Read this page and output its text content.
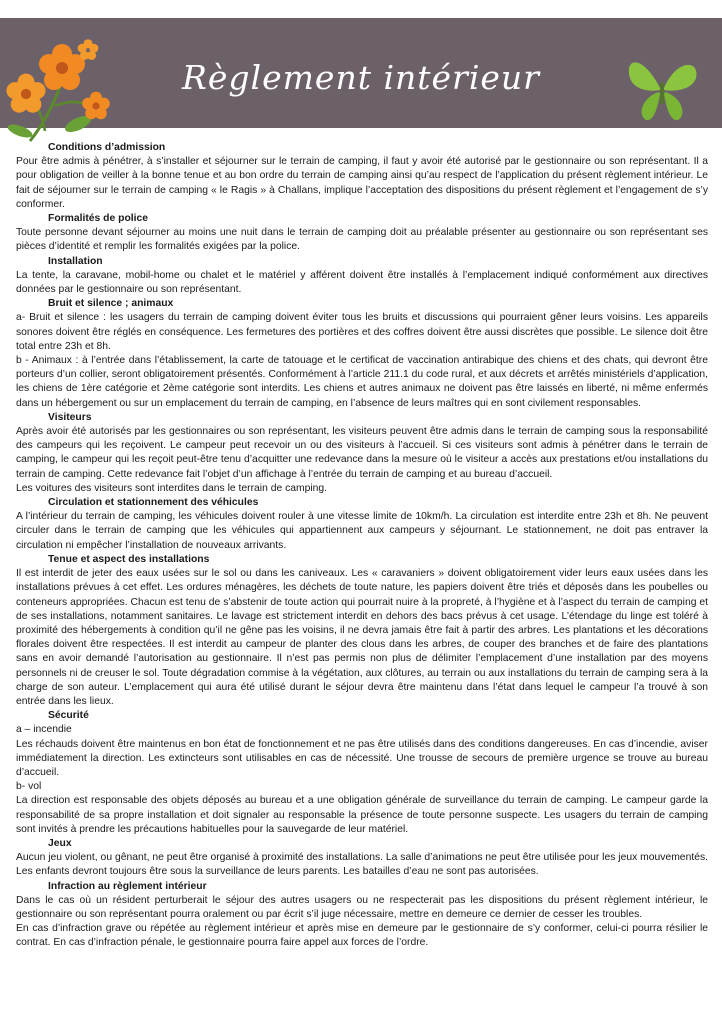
Règlement intérieur
Conditions d’admission
Pour être admis à pénétrer, à s’installer et séjourner sur le terrain de camping, il faut y avoir été autorisé par le gestionnaire ou son représentant. Il a pour obligation de veiller à la bonne tenue et au bon ordre du terrain de camping ainsi qu’au respect de l’application du présent règlement intérieur. Le fait de séjourner sur le terrain de camping « le Ragis » à Challans, implique l’acceptation des dispositions du présent règlement et l’engagement de s’y conformer.
Formalités de police
Toute personne devant séjourner au moins une nuit dans le terrain de camping doit au préalable présenter au gestionnaire ou son représentant ses pièces d’identité et remplir les formalités exigées par la police.
Installation
La tente, la caravane, mobil-home ou chalet et le matériel y afférent doivent être installés à l’emplacement indiqué conformément aux directives données par le gestionnaire ou son représentant.
Bruit et silence ; animaux
a- Bruit et silence : les usagers du terrain de camping doivent éviter tous les bruits et discussions qui pourraient gêner leurs voisins. Les appareils sonores doivent être réglés en conséquence. Les fermetures des portières et des coffres doivent être aussi discrètes que possible. Le silence doit être total entre 23h et 8h.
b - Animaux : à l’entrée dans l’établissement, la carte de tatouage et le certificat de vaccination antirabique des chiens et des chats, qui devront être porteurs d’un collier, seront obligatoirement présentés. Conformément à l’article 211.1 du code rural, et aux décrets et arrêtés ministériels d’application, les chiens de 1ère catégorie et 2ème catégorie sont interdits. Les chiens et autres animaux ne doivent pas être laissés en liberté, ni même enfermés dans un hébergement ou sur un emplacement du terrain de camping, en l’absence de leurs maîtres qui en sont civilement responsables.
Visiteurs
Après avoir été autorisés par les gestionnaires ou son représentant, les visiteurs peuvent être admis dans le terrain de camping sous la responsabilité des campeurs qui les reçoivent. Le campeur peut recevoir un ou des visiteurs à l’accueil. Si ces visiteurs sont admis à pénétrer dans le terrain de camping, le campeur qui les reçoit peut-être tenu d’acquitter une redevance dans la mesure où le visiteur a accès aux prestations et/ou installations du terrain de camping. Cette redevance fait l’objet d’un affichage à l’entrée du terrain de camping et au bureau d’accueil.
Les voitures des visiteurs sont interdites dans le terrain de camping.
Circulation et stationnement des véhicules
A l’intérieur du terrain de camping, les véhicules doivent rouler à une vitesse limite de 10km/h. La circulation est interdite entre 23h et 8h. Ne peuvent circuler dans le terrain de camping que les véhicules qui appartiennent aux campeurs y séjournant. Le stationnement, ne doit pas entraver la circulation ni empêcher l’installation de nouveaux arrivants.
Tenue et aspect des installations
Il est interdit de jeter des eaux usées sur le sol ou dans les caniveaux. Les « caravaniers » doivent obligatoirement vider leurs eaux usées dans les installations prévues à cet effet. Les ordures ménagères, les déchets de toute nature, les papiers doivent être triés et déposés dans les poubelles ou conteneurs appropriées. Chacun est tenu de s’abstenir de toute action qui pourrait nuire à la propreté, à l’hygiène et à l’aspect du terrain de camping et de ses installations, notamment sanitaires. Le lavage est strictement interdit en dehors des bacs prévus à cet usage. L’étendage du linge est toléré à proximité des hébergements à condition qu’il ne gêne pas les voisins, il ne devra jamais être fait à partir des arbres. Les plantations et les décorations florales doivent être respectées. Il est interdit au campeur de planter des clous dans les arbres, de couper des branches et de faire des plantations sans en avoir demandé l’autorisation au gestionnaire. Il n’est pas permis non plus de délimiter l’emplacement d’une installation par des moyens personnels ni de creuser le sol. Toute dégradation commise à la végétation, aux clôtures, au terrain ou aux installations du terrain de camping sera à la charge de son auteur. L’emplacement qui aura été utilisé durant le séjour devra être maintenu dans l’état dans lequel le campeur l’a trouvé à son entrée dans les lieux.
Sécurité
a – incendie
Les réchauds doivent être maintenus en bon état de fonctionnement et ne pas être utilisés dans des conditions dangereuses. En cas d’incendie, aviser immédiatement la direction. Les extincteurs sont utilisables en cas de nécessité. Une trousse de secours de première urgence se trouve au bureau d’accueil.
b- vol
La direction est responsable des objets déposés au bureau et a une obligation générale de surveillance du terrain de camping. Le campeur garde la responsabilité de sa propre installation et doit signaler au responsable la présence de toute personne suspecte. Les usagers du terrain de camping sont invités à prendre les précautions habituelles pour la sauvegarde de leur matériel.
Jeux
Aucun jeu violent, ou gênant, ne peut être organisé à proximité des installations. La salle d’animations ne peut être utilisée pour les jeux mouvementés. Les enfants devront toujours être sous la surveillance de leurs parents. Les batailles d’eau ne sont pas autorisées.
Infraction au règlement intérieur
Dans le cas où un résident perturberait le séjour des autres usagers ou ne respecterait pas les dispositions du présent règlement intérieur, le gestionnaire ou son représentant pourra oralement ou par écrit s’il juge nécessaire, mettre en demeure ce dernier de cesser les troubles.
En cas d’infraction grave ou répétée au règlement intérieur et après mise en demeure par le gestionnaire de s’y conformer, celui-ci pourra résilier le contrat. En cas d’infraction pénale, le gestionnaire pourra faire appel aux forces de l’ordre.
